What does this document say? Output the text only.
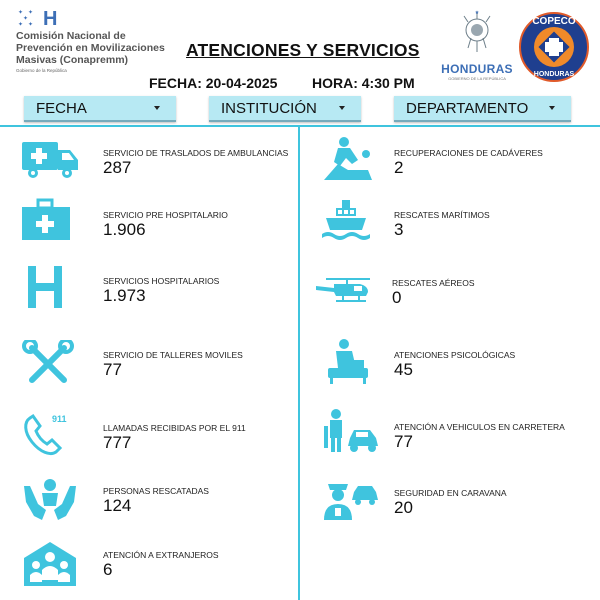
✦ ✦
✦
✦ ✦ H
Comisión Nacional de
Prevención en Movilizaciones
Masivas (Conapremm)
Gobierno de la República
ATENCIONES Y SERVICIOS
FECHA: 20-04-2025 HORA: 4:30 PM
★
HONDURAS
GOBIERNO DE LA REPÚBLICA
COPECO
HONDURAS
FECHA	INSTITUCIÓN	DEPARTAMENTO
SERVICIO DE TRASLADOS DE AMBULANCIAS
287
SERVICIO PRE HOSPITALARIO
1.906
SERVICIOS HOSPITALARIOS
1.973
SERVICIO DE TALLERES MOVILES
77
911
LLAMADAS RECIBIDAS POR EL 911
777
PERSONAS RESCATADAS
124
ATENCIÓN A EXTRANJEROS
6
RECUPERACIONES DE CADÁVERES
2
RESCATES MARÍTIMOS
3
RESCATES AÉREOS
0
ATENCIONES PSICOLÓGICAS
45
ATENCIÓN A VEHICULOS EN CARRETERA
77
SEGURIDAD EN CARAVANA
20
